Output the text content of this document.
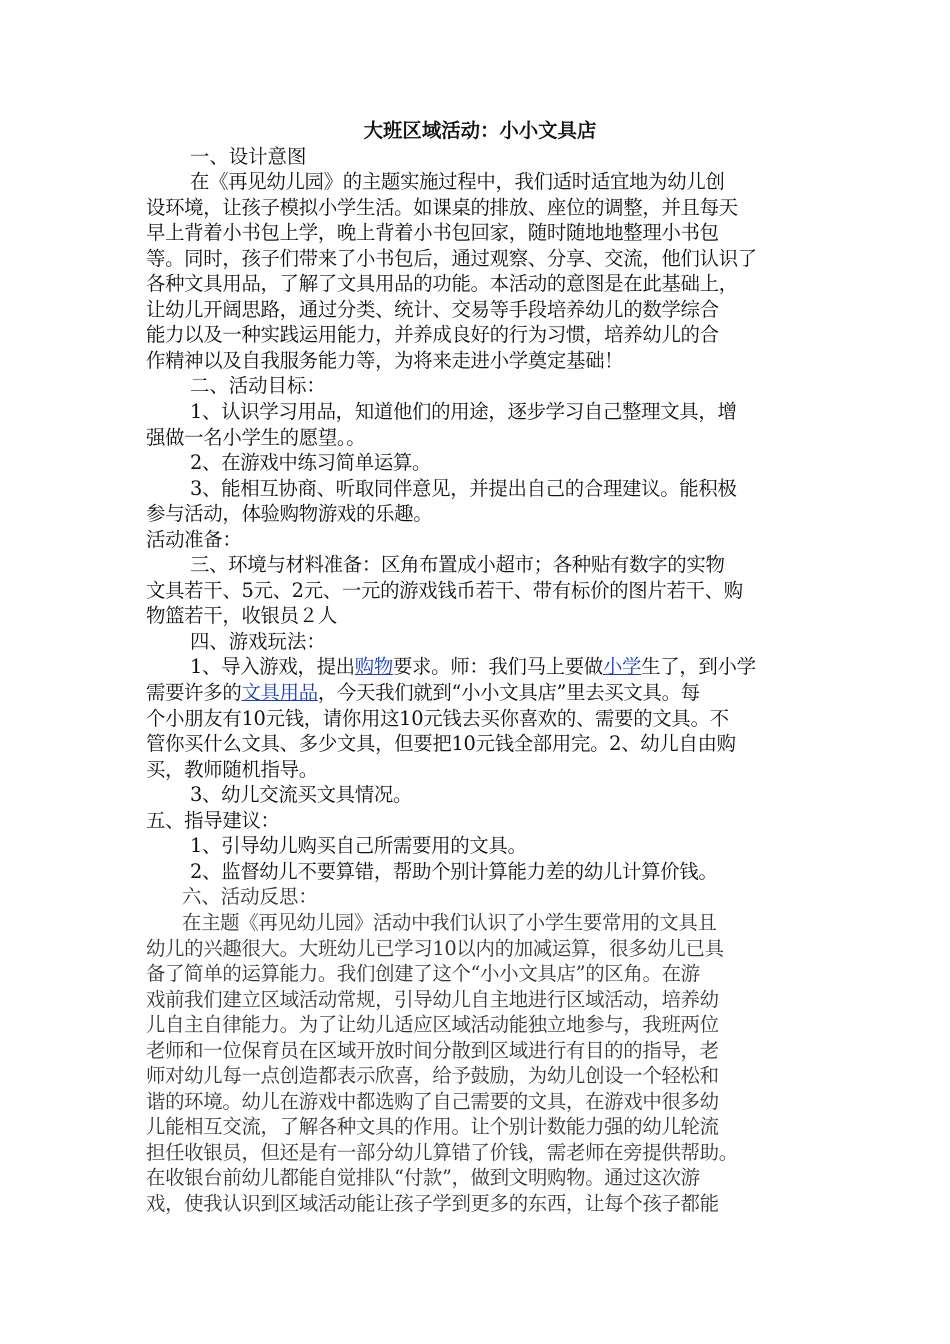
大班区域活动：小小文具店
一、设计意图
在《再见幼儿园》的主题实施过程中，我们适时适宜地为幼儿创
设环境，让孩子模拟小学生活。如课桌的排放、座位的调整，并且每天
早上背着小书包上学，晚上背着小书包回家，随时随地地整理小书包
等。同时，孩子们带来了小书包后，通过观察、分享、交流，他们认识了
各种文具用品，了解了文具用品的功能。本活动的意图是在此基础上，
让幼儿开阔思路，通过分类、统计、交易等手段培养幼儿的数学综合
能力以及一种实践运用能力，并养成良好的行为习惯，培养幼儿的合
作精神以及自我服务能力等，为将来走进小学奠定基础！
二、活动目标：
1、认识学习用品，知道他们的用途，逐步学习自己整理文具，增
强做一名小学生的愿望。。
2、在游戏中练习简单运算。
3、能相互协商、听取同伴意见，并提出自己的合理建议。能积极
参与活动，体验购物游戏的乐趣。
活动准备：
三、环境与材料准备：区角布置成小超市；各种贴有数字的实物
文具若干、5元、2元、一元的游戏钱币若干、带有标价的图片若干、购
物篮若干，收银员２人
四、游戏玩法：
1、导入游戏，提出购物要求。师：我们马上要做小学生了，到小学
需要许多的文具用品，今天我们就到“小小文具店”里去买文具。每
个小朋友有10元钱，请你用这10元钱去买你喜欢的、需要的文具。不
管你买什么文具、多少文具，但要把10元钱全部用完。2、幼儿自由购
买，教师随机指导。
3、幼儿交流买文具情况。
五、指导建议：
1、引导幼儿购买自己所需要用的文具。
2、监督幼儿不要算错，帮助个别计算能力差的幼儿计算价钱。
六、活动反思：
在主题《再见幼儿园》活动中我们认识了小学生要常用的文具且
幼儿的兴趣很大。大班幼儿已学习10以内的加减运算，很多幼儿已具
备了简单的运算能力。我们创建了这个“小小文具店”的区角。在游
戏前我们建立区域活动常规，引导幼儿自主地进行区域活动，培养幼
儿自主自律能力。为了让幼儿适应区域活动能独立地参与，我班两位
老师和一位保育员在区域开放时间分散到区域进行有目的的指导，老
师对幼儿每一点创造都表示欣喜，给予鼓励，为幼儿创设一个轻松和
谐的环境。幼儿在游戏中都选购了自己需要的文具，在游戏中很多幼
儿能相互交流，了解各种文具的作用。让个别计数能力强的幼儿轮流
担任收银员，但还是有一部分幼儿算错了价钱，需老师在旁提供帮助。
在收银台前幼儿都能自觉排队“付款”，做到文明购物。通过这次游
戏，使我认识到区域活动能让孩子学到更多的东西，让每个孩子都能
